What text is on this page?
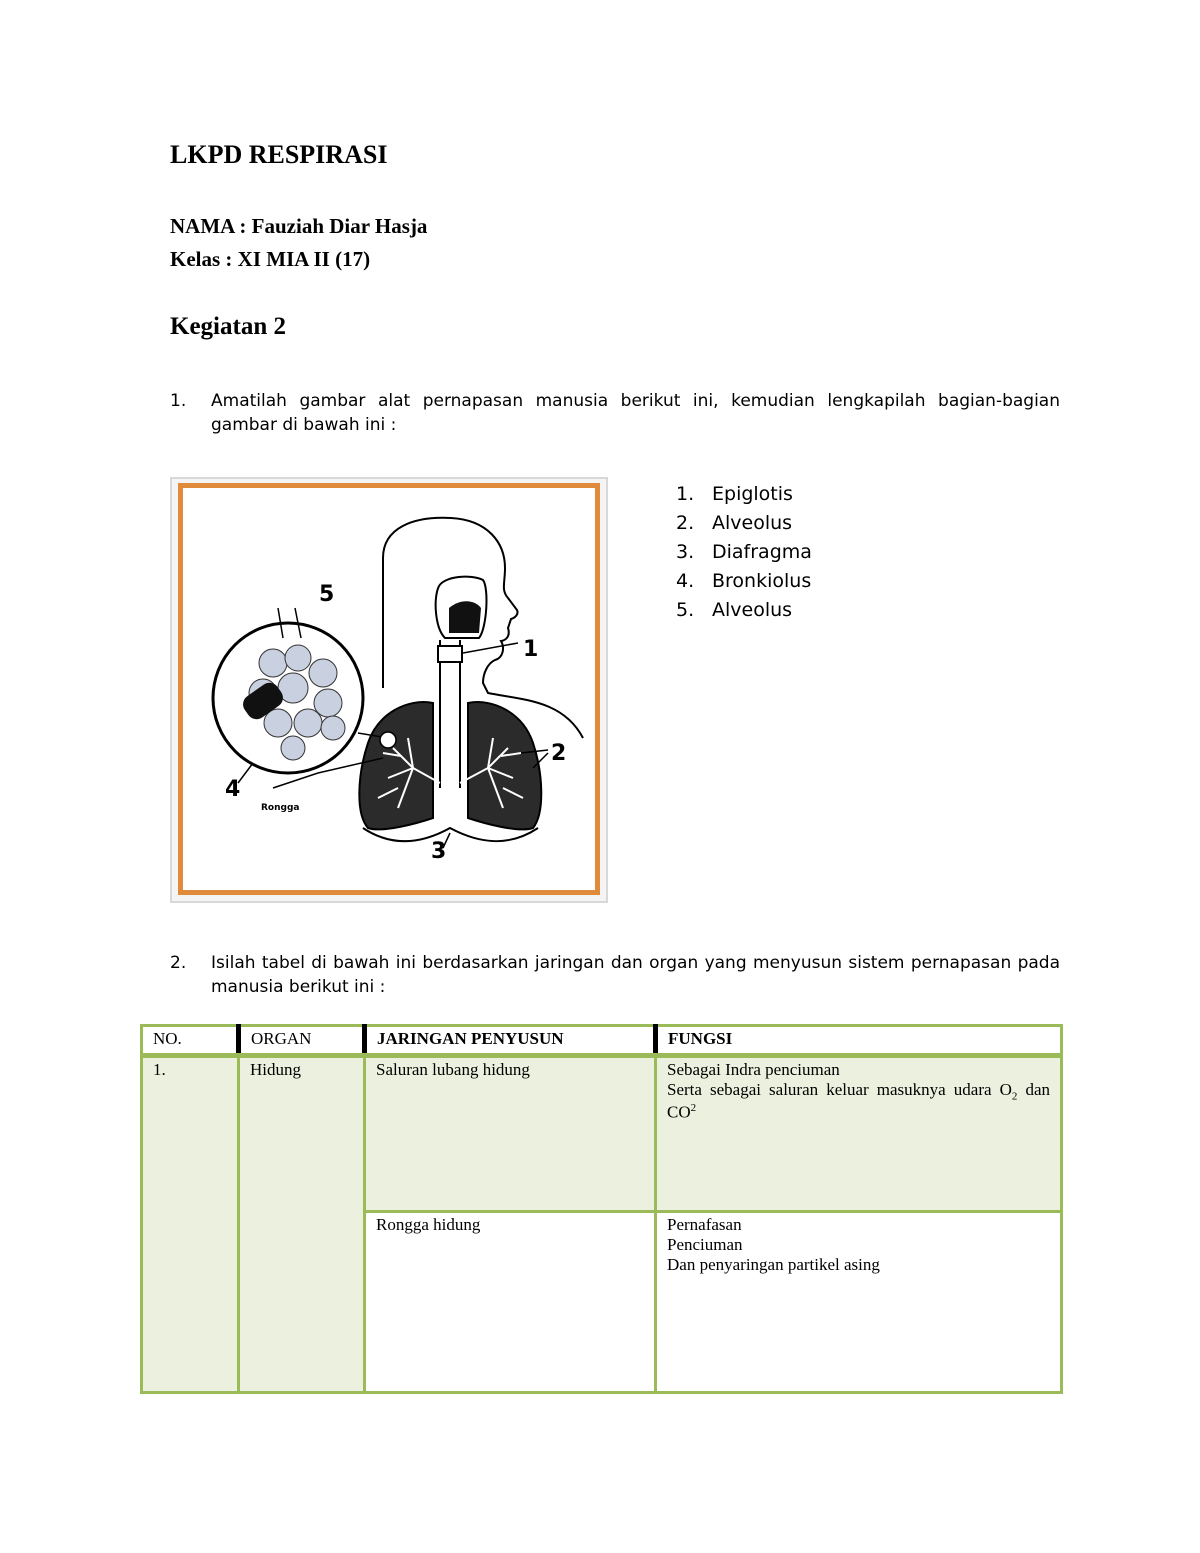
LKPD RESPIRASI
NAMA : Fauziah Diar Hasja
Kelas : XI MIA II (17)
Kegiatan 2
1. Amatilah gambar alat pernapasan manusia berikut ini, kemudian lengkapilah bagian-bagian gambar di bawah ini :
5
1
2
3
4
Rongga
1. Epiglotis
2. Alveolus
3. Diafragma
4. Bronkiolus
5. Alveolus
2. Isilah tabel di bawah ini berdasarkan jaringan dan organ yang menyusun sistem pernapasan pada manusia berikut ini :
NO.	ORGAN	JARINGAN PENYUSUN	FUNGSI
1.	Hidung	Saluran lubang hidung	Sebagai Indra penciuman
Serta sebagai saluran keluar masuknya udara $O_2$ dan $CO^2$

		Rongga hidung	Pernafasan
Penciuman
Dan penyaringan partikel asing
